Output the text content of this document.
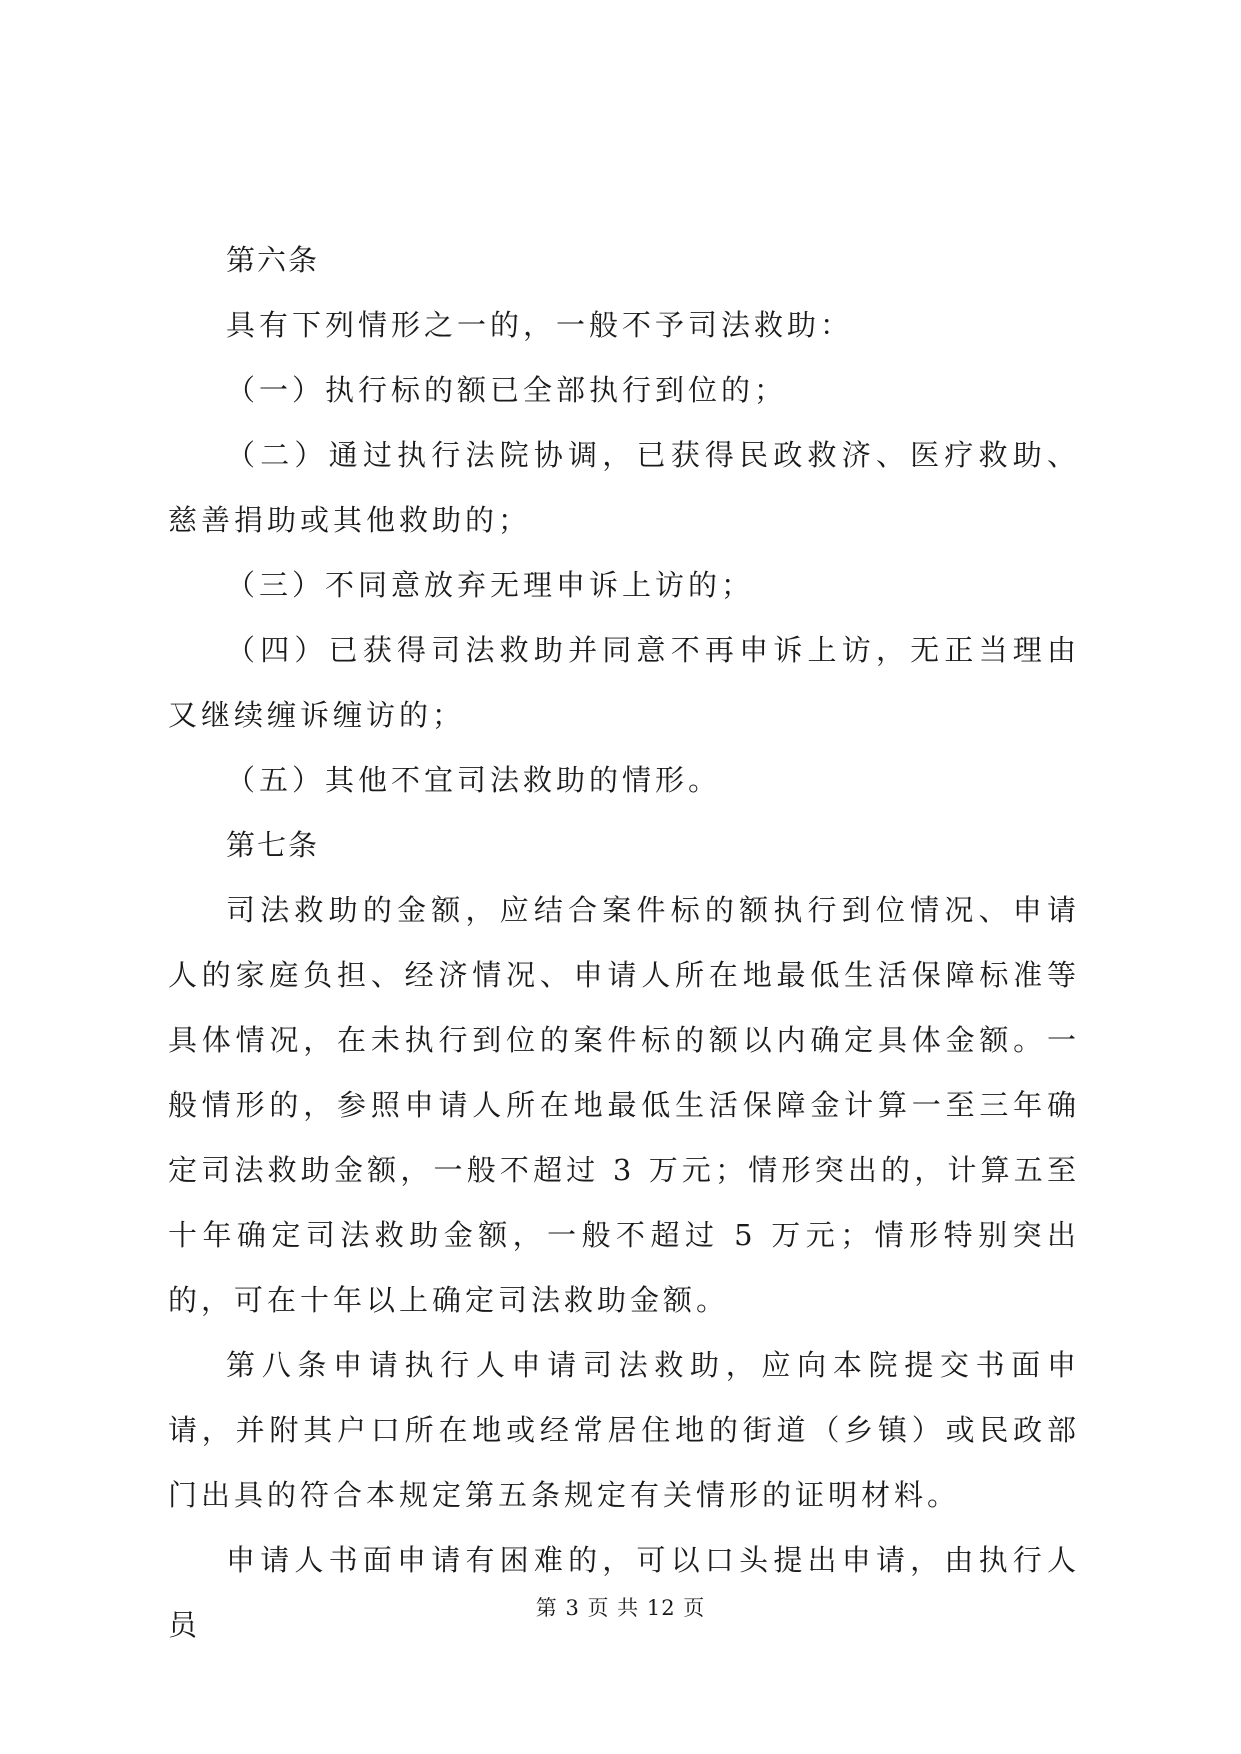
第六条

具有下列情形之一的，一般不予司法救助：

（一）执行标的额已全部执行到位的；

（二）通过执行法院协调，已获得民政救济、医疗救助、慈善捐助或其他救助的；

（三）不同意放弃无理申诉上访的；

（四）已获得司法救助并同意不再申诉上访，无正当理由又继续缠诉缠访的；

（五）其他不宜司法救助的情形。

第七条

司法救助的金额，应结合案件标的额执行到位情况、申请人的家庭负担、经济情况、申请人所在地最低生活保障标准等具体情况，在未执行到位的案件标的额以内确定具体金额。一般情形的，参照申请人所在地最低生活保障金计算一至三年确定司法救助金额，一般不超过 3 万元；情形突出的，计算五至十年确定司法救助金额，一般不超过 5 万元；情形特别突出的，可在十年以上确定司法救助金额。

第八条申请执行人申请司法救助，应向本院提交书面申请，并附其户口所在地或经常居住地的街道（乡镇）或民政部门出具的符合本规定第五条规定有关情形的证明材料。

申请人书面申请有困难的，可以口头提出申请，由执行人员	第 3 页 共 12 页
